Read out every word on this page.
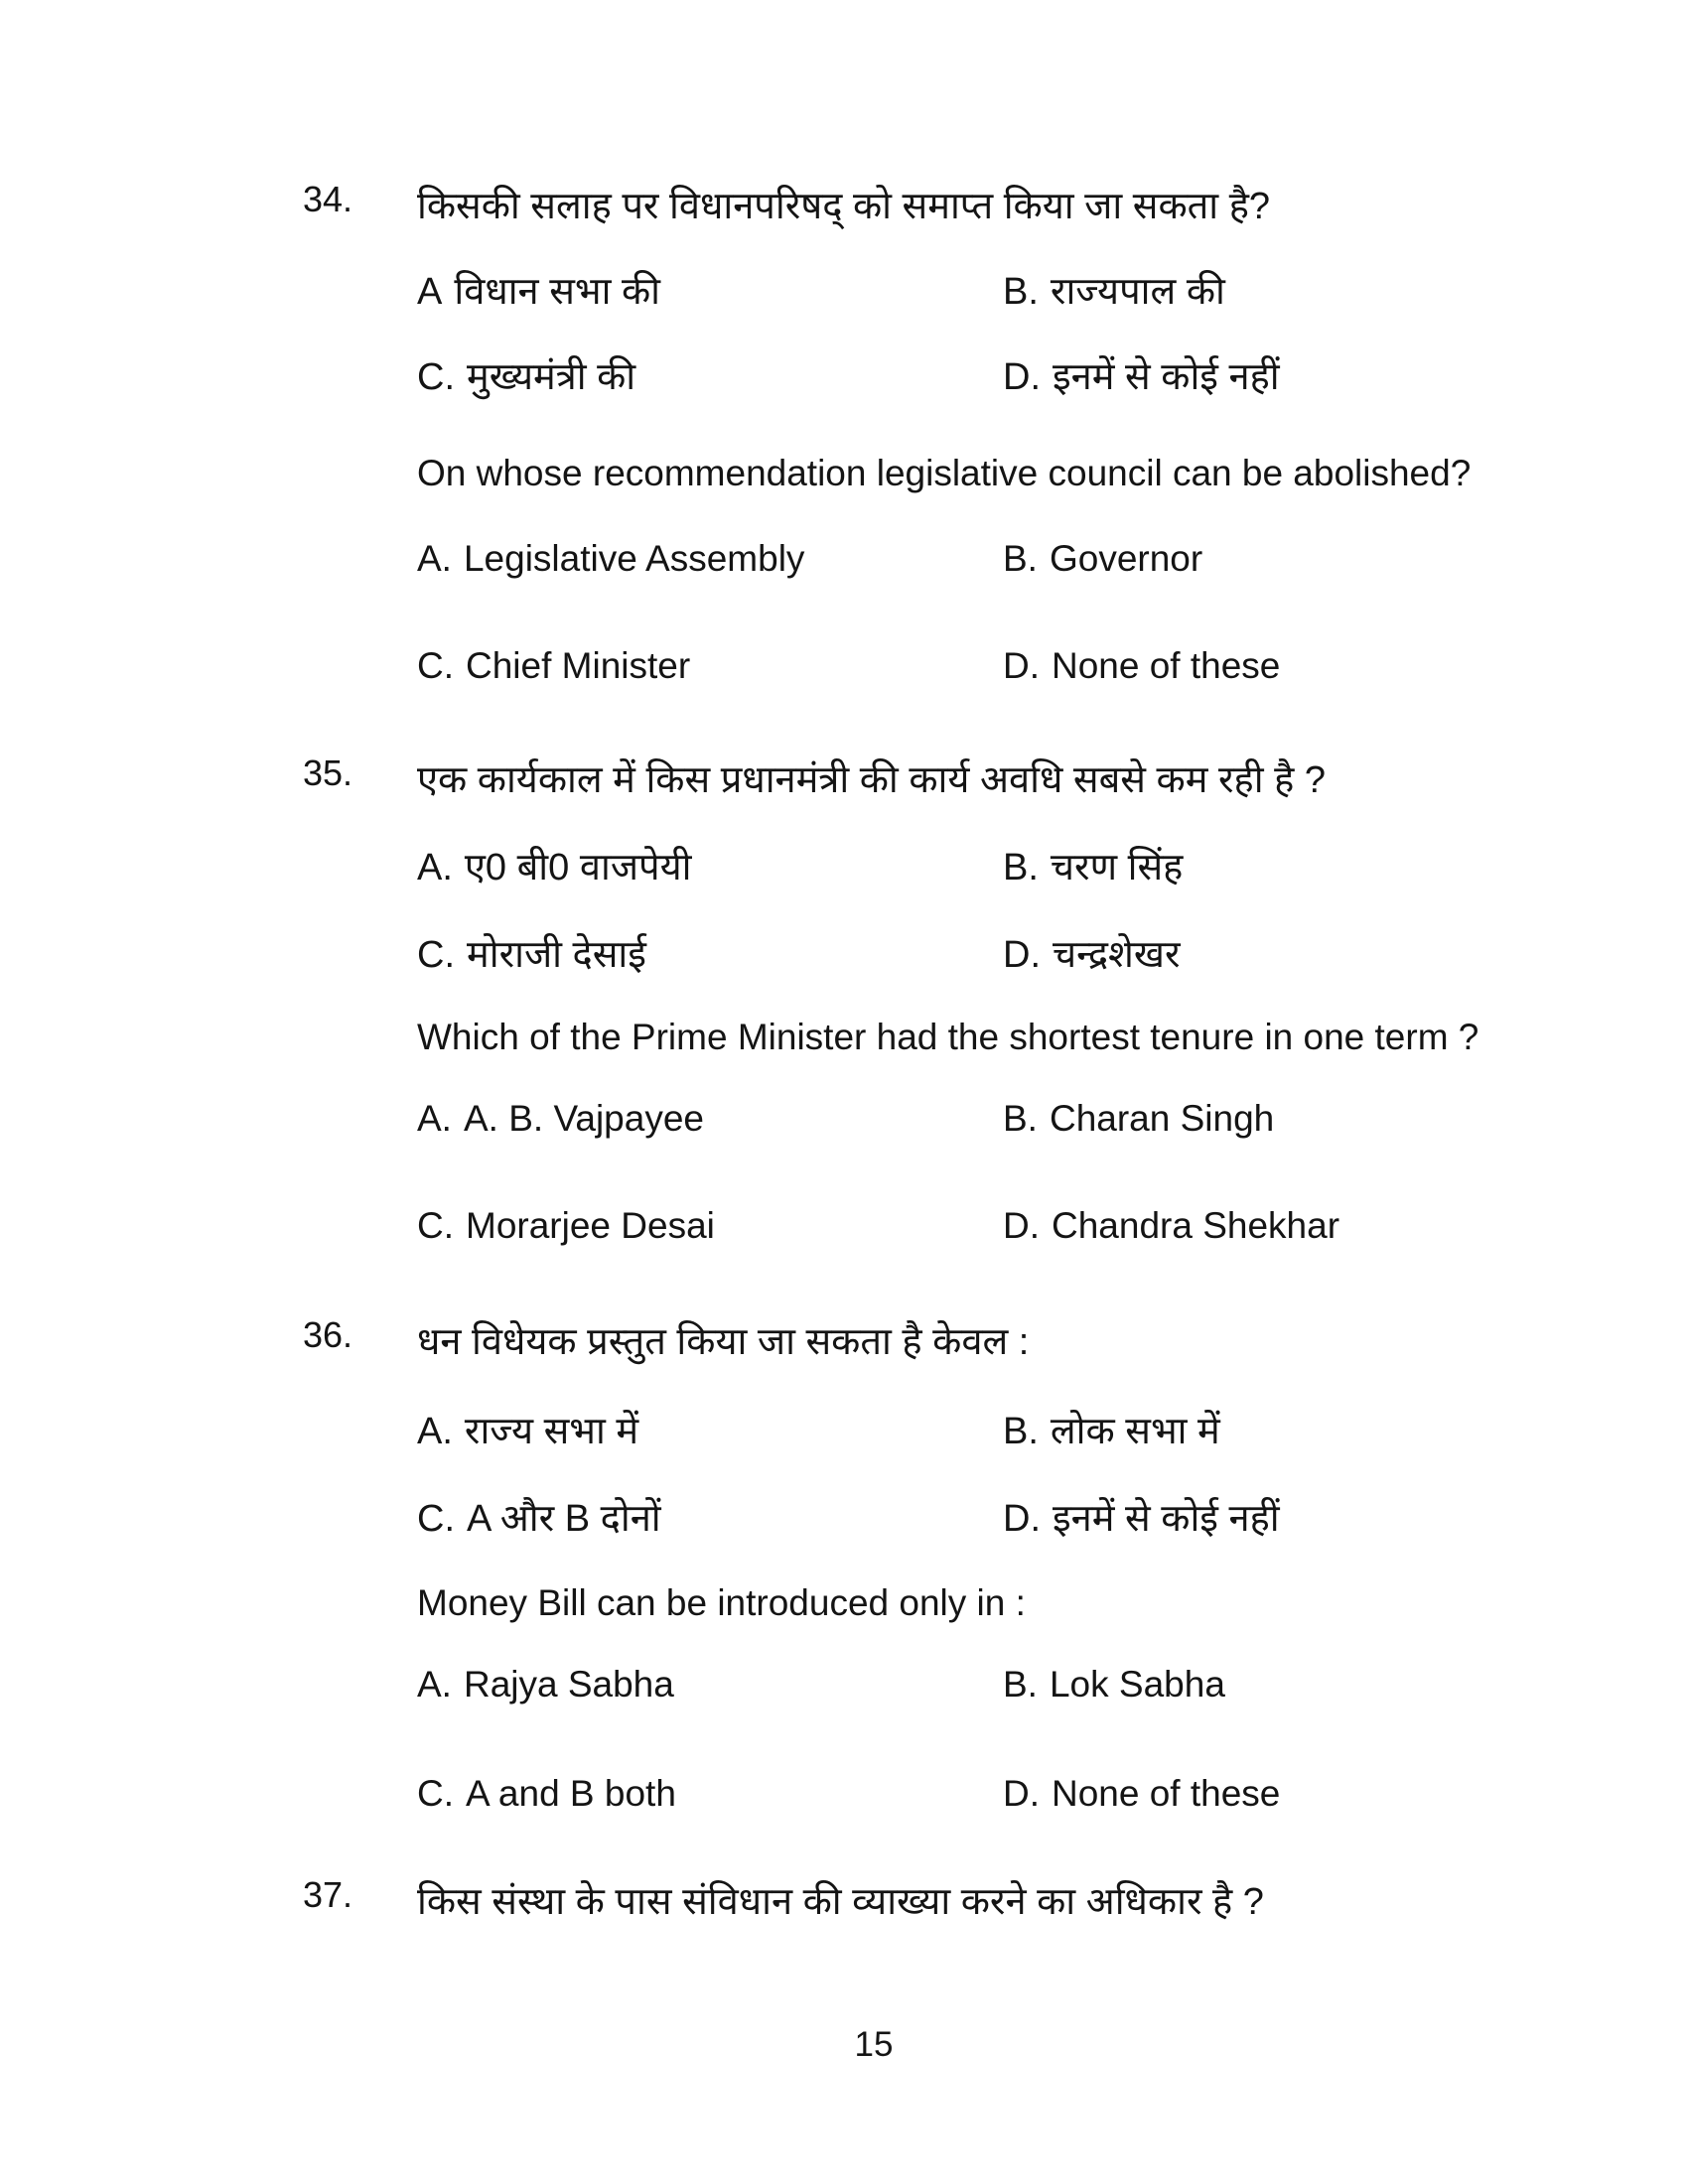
34. किसकी सलाह पर विधानपरिषद् को समाप्त किया जा सकता है?
A विधान सभा की	B. राज्यपाल की
C. मुख्यमंत्री की	D. इनमें से कोई नहीं
On whose recommendation legislative council can be abolished?
A. Legislative Assembly	B. Governor
C. Chief Minister	D. None of these
35. एक कार्यकाल में किस प्रधानमंत्री की कार्य अवधि सबसे कम रही है ?
A. ए0 बी0 वाजपेयी	B. चरण सिंह
C. मोराजी देसाई	D. चन्द्रशेखर
Which of the Prime Minister had the shortest tenure in one term ?
A. A. B. Vajpayee	B. Charan Singh
C. Morarjee Desai	D. Chandra Shekhar
36. धन विधेयक प्रस्तुत किया जा सकता है केवल :
A. राज्य सभा में	B. लोक सभा में
C. A और B दोनों	D. इनमें से कोई नहीं
Money Bill can be introduced only in :
A. Rajya Sabha	B. Lok Sabha
C. A and B both	D. None of these
37. किस संस्था के पास संविधान की व्याख्या करने का अधिकार है ?
15
